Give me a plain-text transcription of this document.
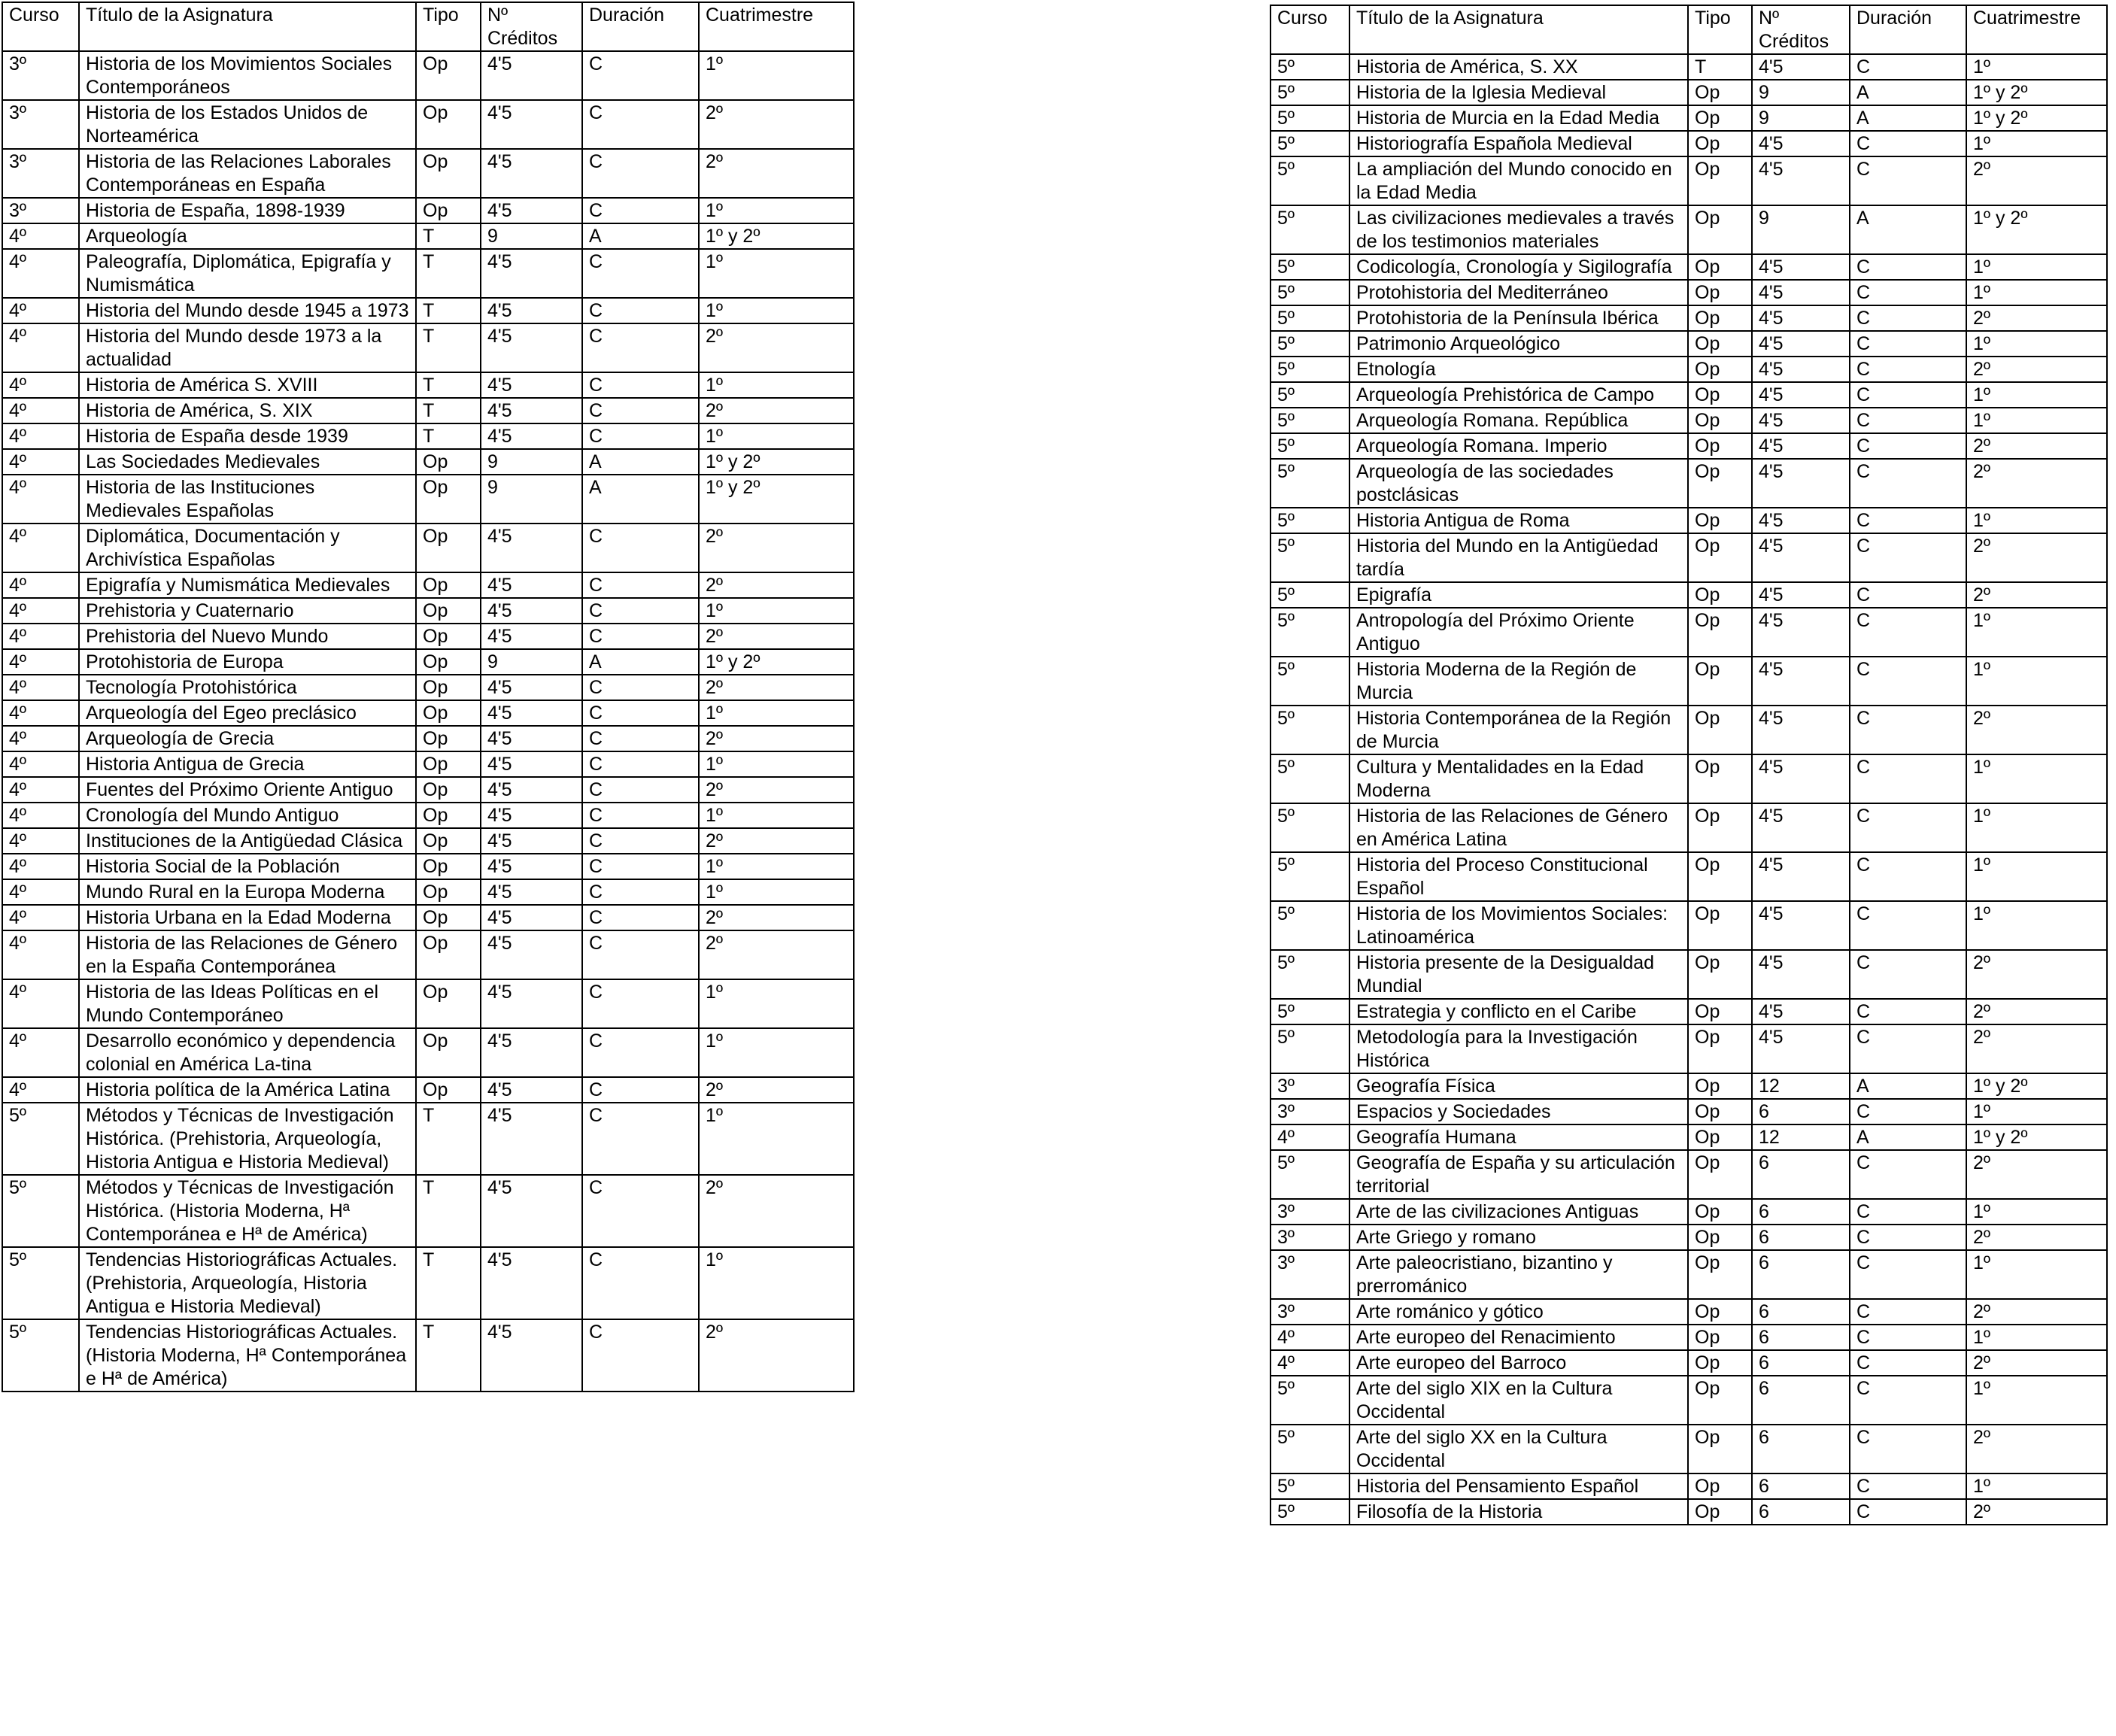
Curso	Título de la Asignatura	Tipo	Nº Créditos	Duración	Cuatrimestre
3º	Historia de los Movimientos Sociales Contemporáneos	Op	4'5	C	1º
3º	Historia de los Estados Unidos de Norteamérica	Op	4'5	C	2º
3º	Historia de las Relaciones Laborales Contemporáneas en España	Op	4'5	C	2º
3º	Historia de España, 1898-1939	Op	4'5	C	1º
4º	Arqueología	T	9	A	1º y 2º
4º	Paleografía, Diplomática, Epigrafía y Numismática	T	4'5	C	1º
4º	Historia del Mundo desde 1945 a 1973	T	4'5	C	1º
4º	Historia del Mundo desde 1973 a la actualidad	T	4'5	C	2º
4º	Historia de América S. XVIII	T	4'5	C	1º
4º	Historia de América, S. XIX	T	4'5	C	2º
4º	Historia de España desde 1939	T	4'5	C	1º
4º	Las Sociedades Medievales	Op	9	A	1º y 2º
4º	Historia de las Instituciones Medievales Españolas	Op	9	A	1º y 2º
4º	Diplomática, Documentación y Archivística Españolas	Op	4'5	C	2º
4º	Epigrafía y Numismática Medievales	Op	4'5	C	2º
4º	Prehistoria y Cuaternario	Op	4'5	C	1º
4º	Prehistoria del Nuevo Mundo	Op	4'5	C	2º
4º	Protohistoria de Europa	Op	9	A	1º y 2º
4º	Tecnología Protohistórica	Op	4'5	C	2º
4º	Arqueología del Egeo preclásico	Op	4'5	C	1º
4º	Arqueología de Grecia	Op	4'5	C	2º
4º	Historia Antigua de Grecia	Op	4'5	C	1º
4º	Fuentes del Próximo Oriente Antiguo	Op	4'5	C	2º
4º	Cronología del Mundo Antiguo	Op	4'5	C	1º
4º	Instituciones de la Antigüedad Clásica	Op	4'5	C	2º
4º	Historia Social de la Población	Op	4'5	C	1º
4º	Mundo Rural en la Europa Moderna	Op	4'5	C	1º
4º	Historia Urbana en la Edad Moderna	Op	4'5	C	2º
4º	Historia de las Relaciones de Género en la España Contemporánea	Op	4'5	C	2º
4º	Historia de las Ideas Políticas en el Mundo Contemporáneo	Op	4'5	C	1º
4º	Desarrollo económico y dependencia colonial en América La-tina	Op	4'5	C	1º
4º	Historia política de la América Latina	Op	4'5	C	2º
5º	Métodos y Técnicas de Investigación Histórica. (Prehistoria, Arqueología, Historia Antigua e Historia Medieval)	T	4'5	C	1º
5º	Métodos y Técnicas de Investigación Histórica. (Historia Moderna, Hª Contemporánea e Hª de América)	T	4'5	C	2º
5º	Tendencias Historiográficas Actuales. (Prehistoria, Arqueología, Historia Antigua e Historia Medieval)	T	4'5	C	1º
5º	Tendencias Historiográficas Actuales. (Historia Moderna, Hª Contemporánea e Hª de América)	T	4'5	C	2º
Curso	Título de la Asignatura	Tipo	Nº Créditos	Duración	Cuatrimestre
5º	Historia de América, S. XX	T	4'5	C	1º
5º	Historia de la Iglesia Medieval	Op	9	A	1º y 2º
5º	Historia de Murcia en la Edad Media	Op	9	A	1º y 2º
5º	Historiografía Española Medieval	Op	4'5	C	1º
5º	La ampliación del Mundo conocido en la Edad Media	Op	4'5	C	2º
5º	Las civilizaciones medievales a través de los testimonios materiales	Op	9	A	1º y 2º
5º	Codicología, Cronología y Sigilografía	Op	4'5	C	1º
5º	Protohistoria del Mediterráneo	Op	4'5	C	1º
5º	Protohistoria de la Península Ibérica	Op	4'5	C	2º
5º	Patrimonio Arqueológico	Op	4'5	C	1º
5º	Etnología	Op	4'5	C	2º
5º	Arqueología Prehistórica de Campo	Op	4'5	C	1º
5º	Arqueología Romana. República	Op	4'5	C	1º
5º	Arqueología Romana. Imperio	Op	4'5	C	2º
5º	Arqueología de las sociedades postclásicas	Op	4'5	C	2º
5º	Historia Antigua de Roma	Op	4'5	C	1º
5º	Historia del Mundo en la Antigüedad tardía	Op	4'5	C	2º
5º	Epigrafía	Op	4'5	C	2º
5º	Antropología del Próximo Oriente Antiguo	Op	4'5	C	1º
5º	Historia Moderna de la Región de Murcia	Op	4'5	C	1º
5º	Historia Contemporánea de la Región de Murcia	Op	4'5	C	2º
5º	Cultura y Mentalidades en la Edad Moderna	Op	4'5	C	1º
5º	Historia de las Relaciones de Género en América Latina	Op	4'5	C	1º
5º	Historia del Proceso Constitucional Español	Op	4'5	C	1º
5º	Historia de los Movimientos Sociales: Latinoamérica	Op	4'5	C	1º
5º	Historia presente de la Desigualdad Mundial	Op	4'5	C	2º
5º	Estrategia y conflicto en el Caribe	Op	4'5	C	2º
5º	Metodología para la Investigación Histórica	Op	4'5	C	2º
3º	Geografía Física	Op	12	A	1º y 2º
3º	Espacios y Sociedades	Op	6	C	1º
4º	Geografía Humana	Op	12	A	1º y 2º
5º	Geografía de España y su articulación territorial	Op	6	C	2º
3º	Arte de las civilizaciones Antiguas	Op	6	C	1º
3º	Arte Griego y romano	Op	6	C	2º
3º	Arte paleocristiano, bizantino y prerrománico	Op	6	C	1º
3º	Arte románico y gótico	Op	6	C	2º
4º	Arte europeo del Renacimiento	Op	6	C	1º
4º	Arte europeo del Barroco	Op	6	C	2º
5º	Arte del siglo XIX en la Cultura Occidental	Op	6	C	1º
5º	Arte del siglo XX en la Cultura Occidental	Op	6	C	2º
5º	Historia del Pensamiento Español	Op	6	C	1º
5º	Filosofía de la Historia	Op	6	C	2º
